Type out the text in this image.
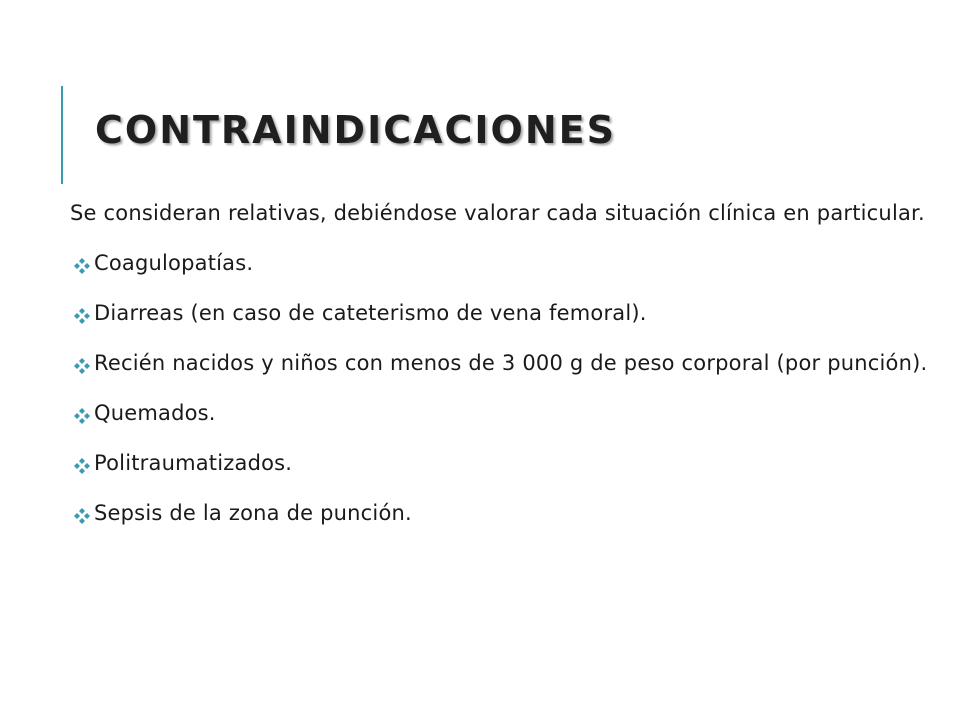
CONTRAINDICACIONES

Se consideran relativas, debiéndose valorar cada situación clínica en particular.

Coagulopatías.
Diarreas (en caso de cateterismo de vena femoral).
Recién nacidos y niños con menos de 3 000 g de peso corporal (por punción).
Quemados.
Politraumatizados.
Sepsis de la zona de punción.
